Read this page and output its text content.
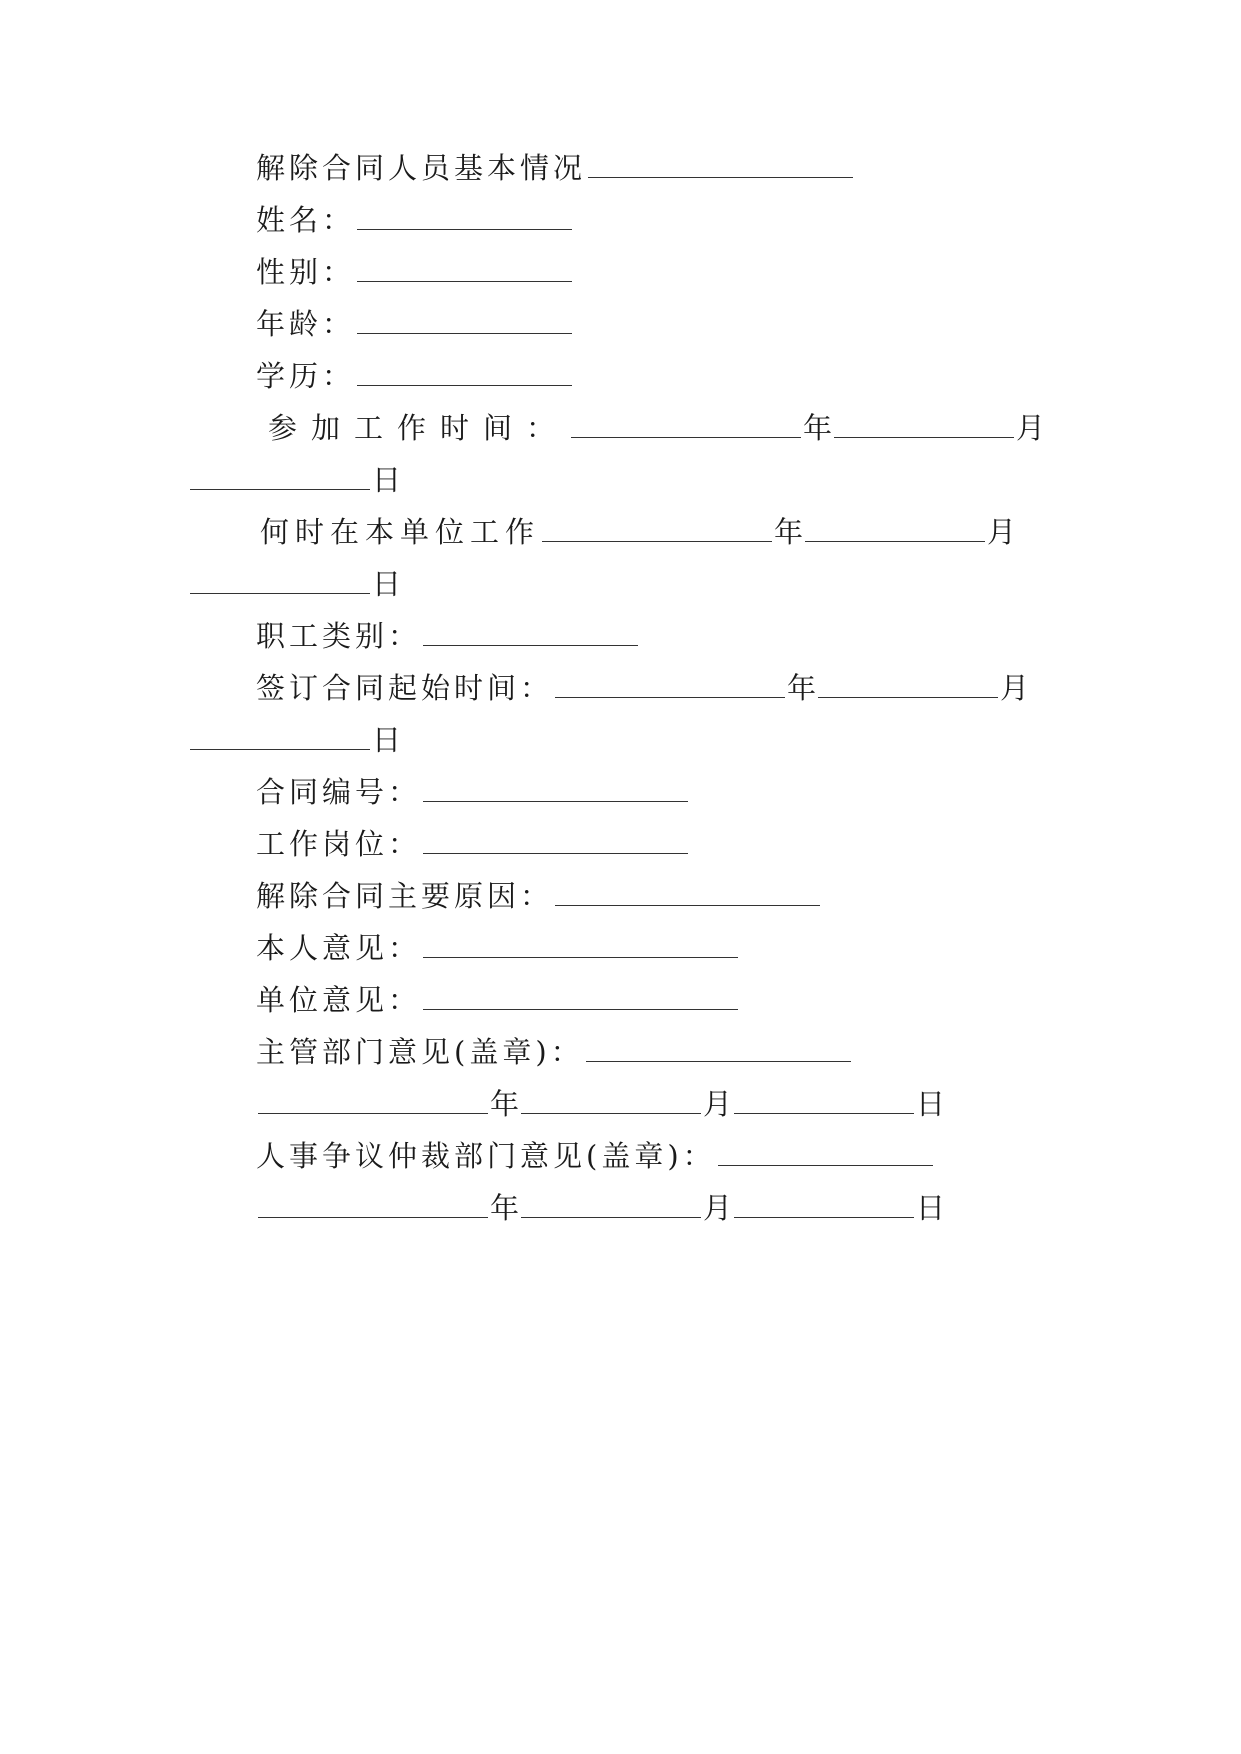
解除合同人员基本情况
姓名：
性别：
年龄：
学历：
参加工作时间：	年	月
日
何时在本单位工作	年	月
日
职工类别：
签订合同起始时间：	年	月
日
合同编号：
工作岗位：
解除合同主要原因：
本人意见：
单位意见：
主管部门意见(盖章)：
年	月	日
人事争议仲裁部门意见(盖章)：
年	月	日
